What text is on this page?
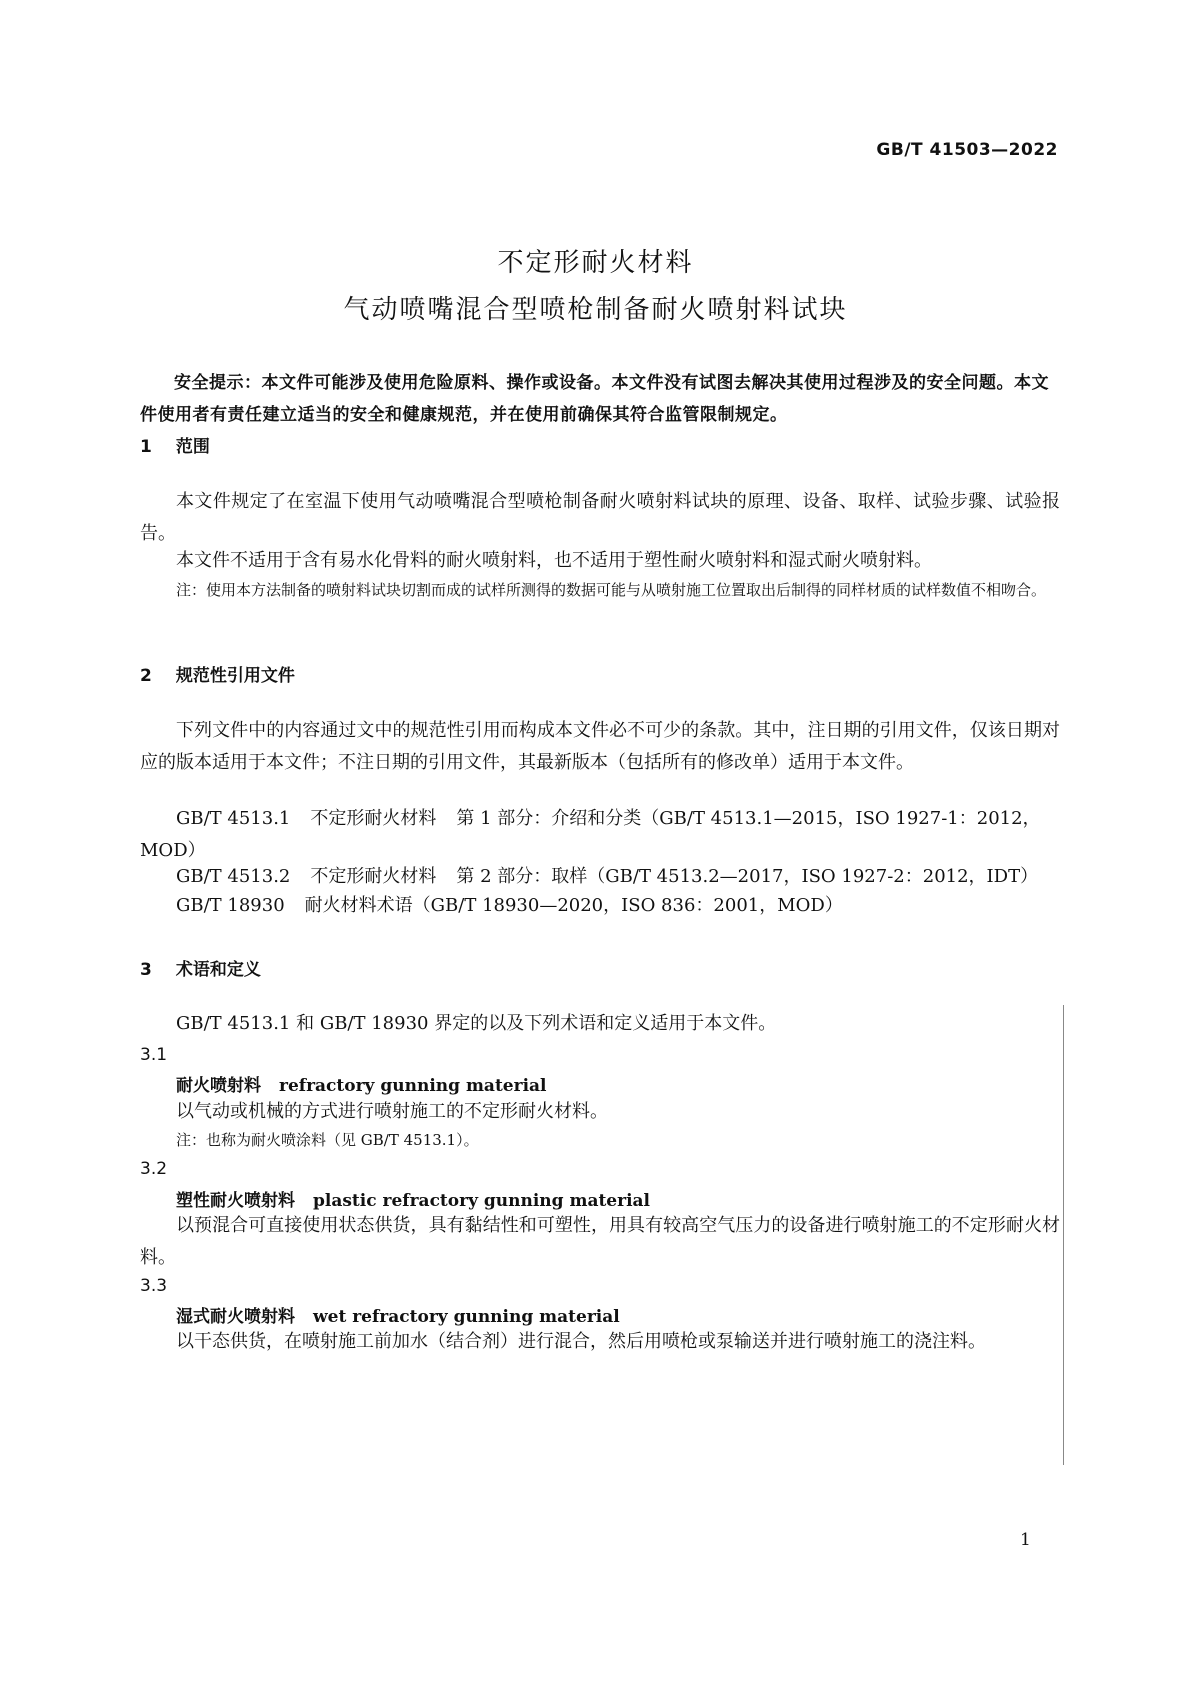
GB/T 41503—2022
不定形耐火材料
气动喷嘴混合型喷枪制备耐火喷射料试块

安全提示：本文件可能涉及使用危险原料、操作或设备。本文件没有试图去解决其使用过程涉及的安全问题。本文件使用者有责任建立适当的安全和健康规范，并在使用前确保其符合监管限制规定。

1 范围

本文件规定了在室温下使用气动喷嘴混合型喷枪制备耐火喷射料试块的原理、设备、取样、试验步骤、试验报告。

本文件不适用于含有易水化骨料的耐火喷射料，也不适用于塑性耐火喷射料和湿式耐火喷射料。

注：使用本方法制备的喷射料试块切割而成的试样所测得的数据可能与从喷射施工位置取出后制得的同样材质的试样数值不相吻合。

2 规范性引用文件

下列文件中的内容通过文中的规范性引用而构成本文件必不可少的条款。其中，注日期的引用文件，仅该日期对应的版本适用于本文件；不注日期的引用文件，其最新版本（包括所有的修改单）适用于本文件。

GB/T 4513.1 不定形耐火材料 第 1 部分：介绍和分类（GB/T 4513.1—2015，ISO 1927-1：2012，MOD）

GB/T 4513.2 不定形耐火材料 第 2 部分：取样（GB/T 4513.2—2017，ISO 1927-2：2012，IDT）

GB/T 18930 耐火材料术语（GB/T 18930—2020，ISO 836：2001，MOD）

3 术语和定义

GB/T 4513.1 和 GB/T 18930 界定的以及下列术语和定义适用于本文件。

3.1
耐火喷射料 refractory gunning material

以气动或机械的方式进行喷射施工的不定形耐火材料。

注：也称为耐火喷涂料（见 GB/T 4513.1）。

3.2
塑性耐火喷射料 plastic refractory gunning material

以预混合可直接使用状态供货，具有黏结性和可塑性，用具有较高空气压力的设备进行喷射施工的不定形耐火材料。

3.3
湿式耐火喷射料 wet refractory gunning material

以干态供货，在喷射施工前加水（结合剂）进行混合，然后用喷枪或泵输送并进行喷射施工的浇注料。

1
